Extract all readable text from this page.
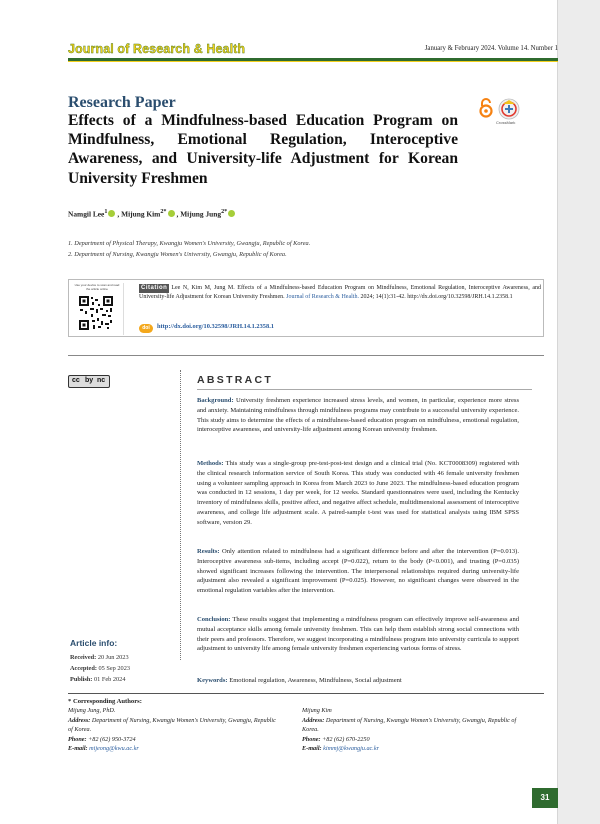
Journal of Research & Health	January & February 2024. Volume 14. Number 1
Research Paper
Effects of a Mindfulness-based Education Program on Mindfulness, Emotional Regulation, Interoceptive Awareness, and University-life Adjustment for Korean University Freshmen
CrossMark
Namgil Lee$^1$ , Mijung Kim$^{2*}$ , Mijung Jung$^{2*}$
1. Department of Physical Therapy, Kwangju Women's University, Gwangju, Republic of Korea.
2. Department of Nursing, Kwangju Women's University, Gwangju, Republic of Korea.
Use your device to scan and read the article online	Citation Lee N, Kim M, Jung M. Effects of a Mindfulness-based Education Program on Mindfulness, Emotional Regulation, Interoceptive Awareness, and University-life Adjustment for Korean University Freshmen. Journal of Research & Health. 2024; 14(1):31-42. http://dx.doi.org/10.32598/JRH.14.1.2358.1
doi http://dx.doi.org/10.32598/JRH.14.1.2358.1
cc by nc	ABSTRACT
Background: University freshmen experience increased stress levels, and women, in particular, experience more stress and anxiety. Maintaining mindfulness through mindfulness programs may contribute to a successful university experience. This study aims to determine the effects of a mindfulness-based education program on mindfulness, emotional regulation, interoceptive awareness, and university-life adjustment among Korean university freshmen.
Methods: This study was a single-group pre-test-post-test design and a clinical trial (No. KCT0008309) registered with the clinical research information service of South Korea. This study was conducted with 46 female university freshmen using a volunteer sampling approach in Korea from March 2023 to June 2023. The mindfulness-based education program was conducted in 12 sessions, 1 day per week, for 12 weeks. Standard questionnaires were used, including the Kentucky inventory of mindfulness skills, positive affect, and negative affect schedule, multidimensional assessment of interoceptive awareness, and college life adjustment scale. A paired-sample t-test was used for statistical analysis using IBM SPSS software, version 29.
Results: Only attention related to mindfulness had a significant difference before and after the intervention (P=0.013). Interoceptive awareness sub-items, including accept (P=0.022), return to the body (P<0.001), and trusting (P=0.035) showed significant increases following the intervention. The interpersonal relationships required during university-life adjustment also revealed a significant improvement (P=0.025). However, no significant changes were observed in the emotional regulation variables after the intervention.
Conclusion: These results suggest that implementing a mindfulness program can effectively improve self-awareness and mutual acceptance skills among female university freshmen. This can help them establish strong social connections with their peers and professors. Therefore, we suggest incorporating a mindfulness program into university curricula to support adjustment to university life among female university freshmen experiencing various forms of stress.
Keywords: Emotional regulation, Awareness, Mindfulness, Social adjustment
Article info:
Received: 20 Jun 2023
Accepted: 05 Sep 2023
Publish: 01 Feb 2024
* Corresponding Authors:
Mijung Jung, PhD.
Address: Department of Nursing, Kwangju Women's University, Gwangju, Republic of Korea.
Phone: +82 (62) 950-3724
E-mail: mijeong@kwu.ac.kr

Mijung Kim
Address: Department of Nursing, Kwangju Women's University, Gwangju, Republic of Korea.
Phone: +82 (62) 670-2250
E-mail: kimmj@kwangju.ac.kr
31
